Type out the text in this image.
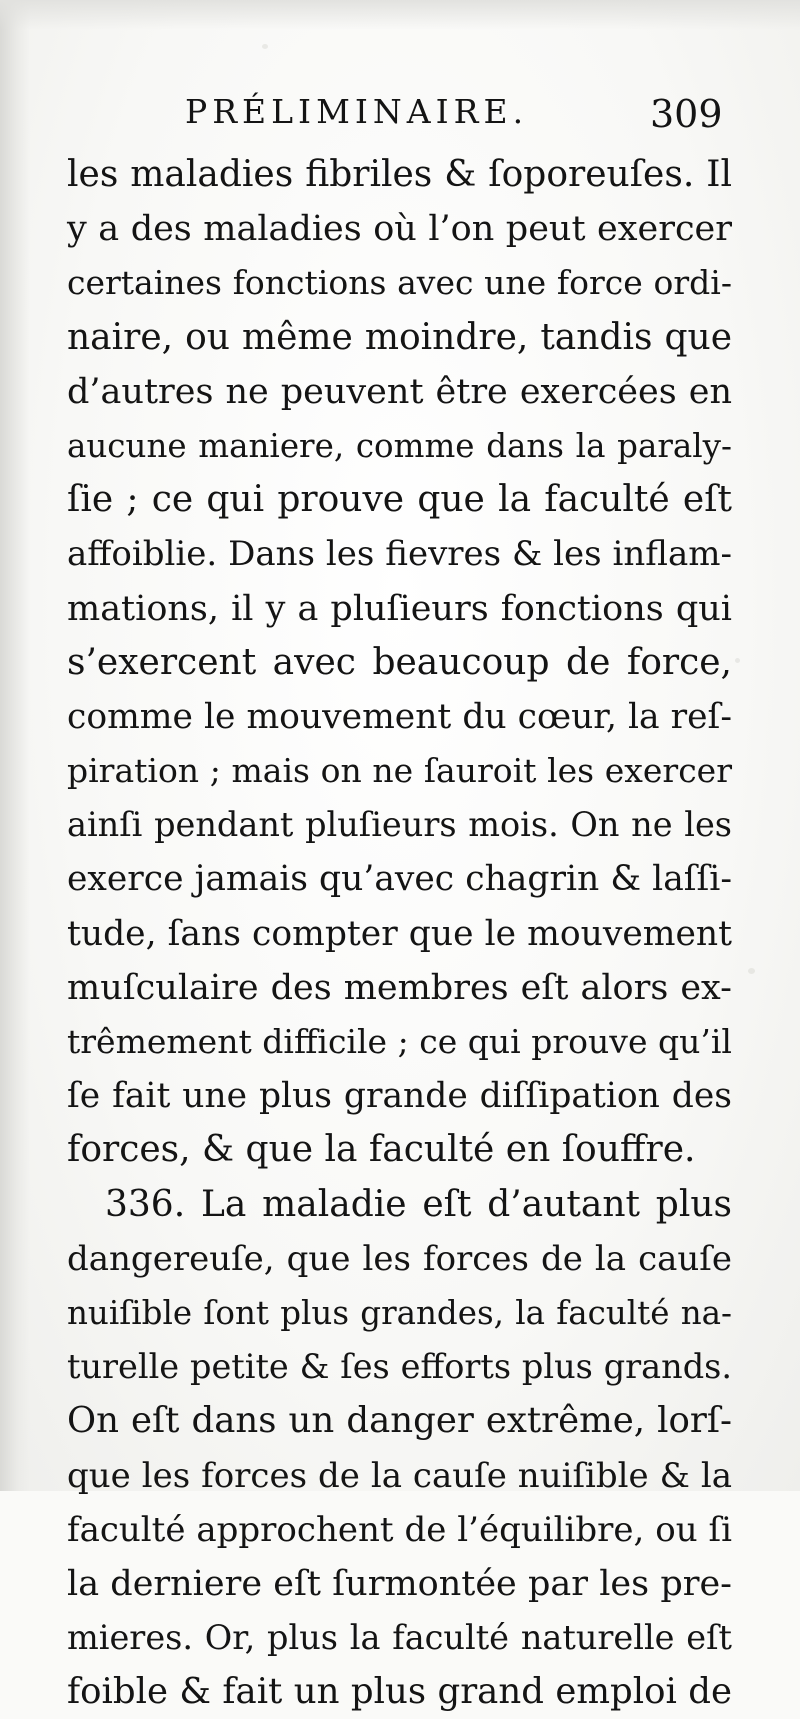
PRÉLIMINAIRE.	309
les maladies fibriles & ſoporeuſes. Il
y a des maladies où l’on peut exercer
certaines fonctions avec une force ordi-
naire, ou même moindre, tandis que
d’autres ne peuvent être exercées en
aucune maniere, comme dans la paraly-
ſie ; ce qui prouve que la faculté eſt
affoiblie. Dans les fievres & les inflam-
mations, il y a pluſieurs fonctions qui
s’exercent avec beaucoup de force,
comme le mouvement du cœur, la reſ-
piration ; mais on ne ſauroit les exercer
ainſi pendant pluſieurs mois. On ne les
exerce jamais qu’avec chagrin & laſſi-
tude, ſans compter que le mouvement
muſculaire des membres eſt alors ex-
trêmement difficile ; ce qui prouve qu’il
ſe fait une plus grande diſſipation des
forces, & que la faculté en ſouffre.
336. La maladie eſt d’autant plus
dangereuſe, que les forces de la cauſe
nuiſible ſont plus grandes, la faculté na-
turelle petite & ſes efforts plus grands.
On eſt dans un danger extrême, lorſ-
que les forces de la cauſe nuiſible & la
faculté approchent de l’équilibre, ou ſi
la derniere eſt ſurmontée par les pre-
mieres. Or, plus la faculté naturelle eſt
foible & fait un plus grand emploi de
